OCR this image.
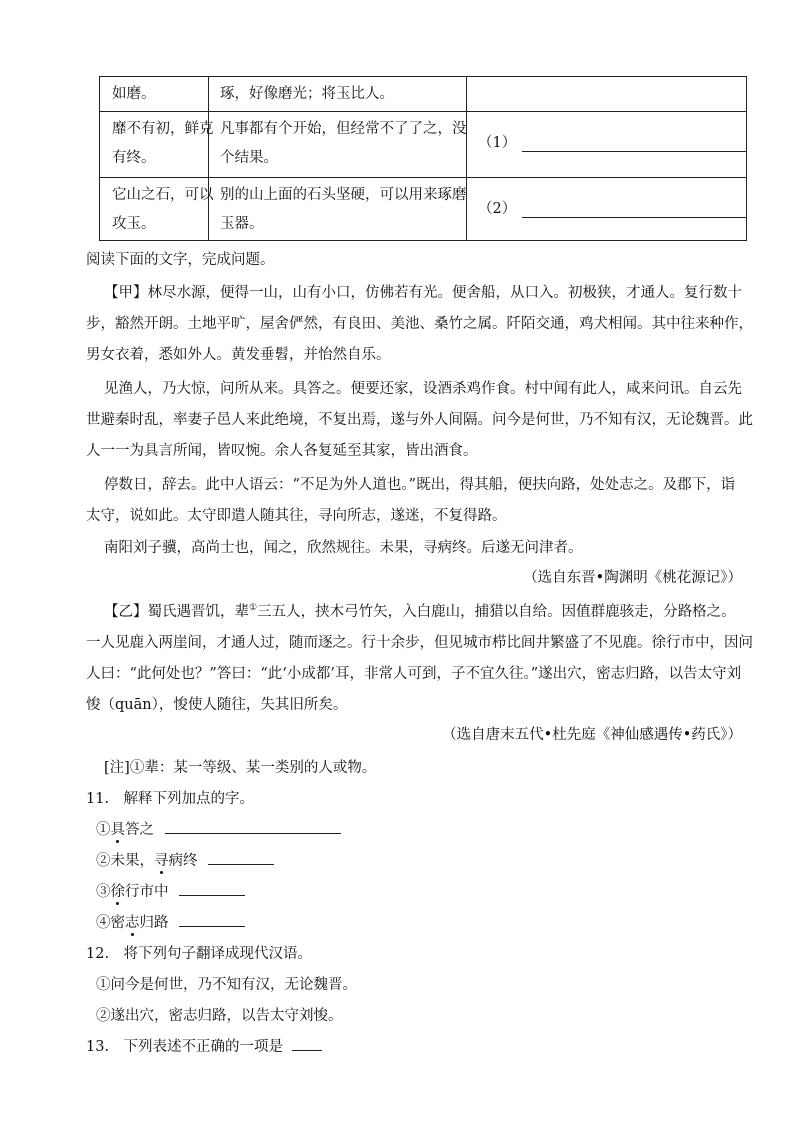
如磨。	琢，好像磨光；将玉比人。
靡不有初，鲜克
有终。
凡事都有个开始，但经常不了了之，没
个结果。
（1）
它山之石，可以
攻玉。
别的山上面的石头坚硬，可以用来琢磨
玉器。
（2）
阅读下面的文字，完成问题。
【甲】林尽水源，便得一山，山有小口，仿佛若有光。便舍船，从口入。初极狭，才通人。复行数十
步，豁然开朗。土地平旷，屋舍俨然，有良田、美池、桑竹之属。阡陌交通，鸡犬相闻。其中往来种作，
男女衣着，悉如外人。黄发垂髫，并怡然自乐。
见渔人，乃大惊，问所从来。具答之。便要还家，设酒杀鸡作食。村中闻有此人，咸来问讯。自云先
世避秦时乱，率妻子邑人来此绝境，不复出焉，遂与外人间隔。问今是何世，乃不知有汉，无论魏晋。此
人一一为具言所闻，皆叹惋。余人各复延至其家，皆出酒食。
停数日，辞去。此中人语云：“不足为外人道也。”既出，得其船，便扶向路，处处志之。及郡下，诣
太守，说如此。太守即遣人随其往，寻向所志，遂迷，不复得路。
南阳刘子骥，高尚士也，闻之，欣然规往。未果，寻病终。后遂无问津者。
（选自东晋•陶渊明《桃花源记》）
【乙】蜀氏遇晋饥，辈①三五人，挟木弓竹矢，入白鹿山，捕猎以自给。因值群鹿骇走，分路格之。
一人见鹿入两崖间，才通人过，随而逐之。行十余步，但见城市栉比闾井繁盛了不见鹿。徐行市中，因问
人曰：“此何处也？”答曰：“此‘小成都’耳，非常人可到，子不宜久往。”遂出穴，密志归路，以告太守刘
悛（quān），悛使人随往，失其旧所矣。
（选自唐末五代•杜先庭《神仙感遇传•药氏》）
[注]①辈：某一等级、某一类别的人或物。
11.　解释下列加点的字。
①具答之
②未果，寻病终
③徐行市中
④密志归路
12.　将下列句子翻译成现代汉语。
①问今是何世，乃不知有汉，无论魏晋。
②遂出穴，密志归路，以告太守刘悛。
13.　下列表述不正确的一项是
